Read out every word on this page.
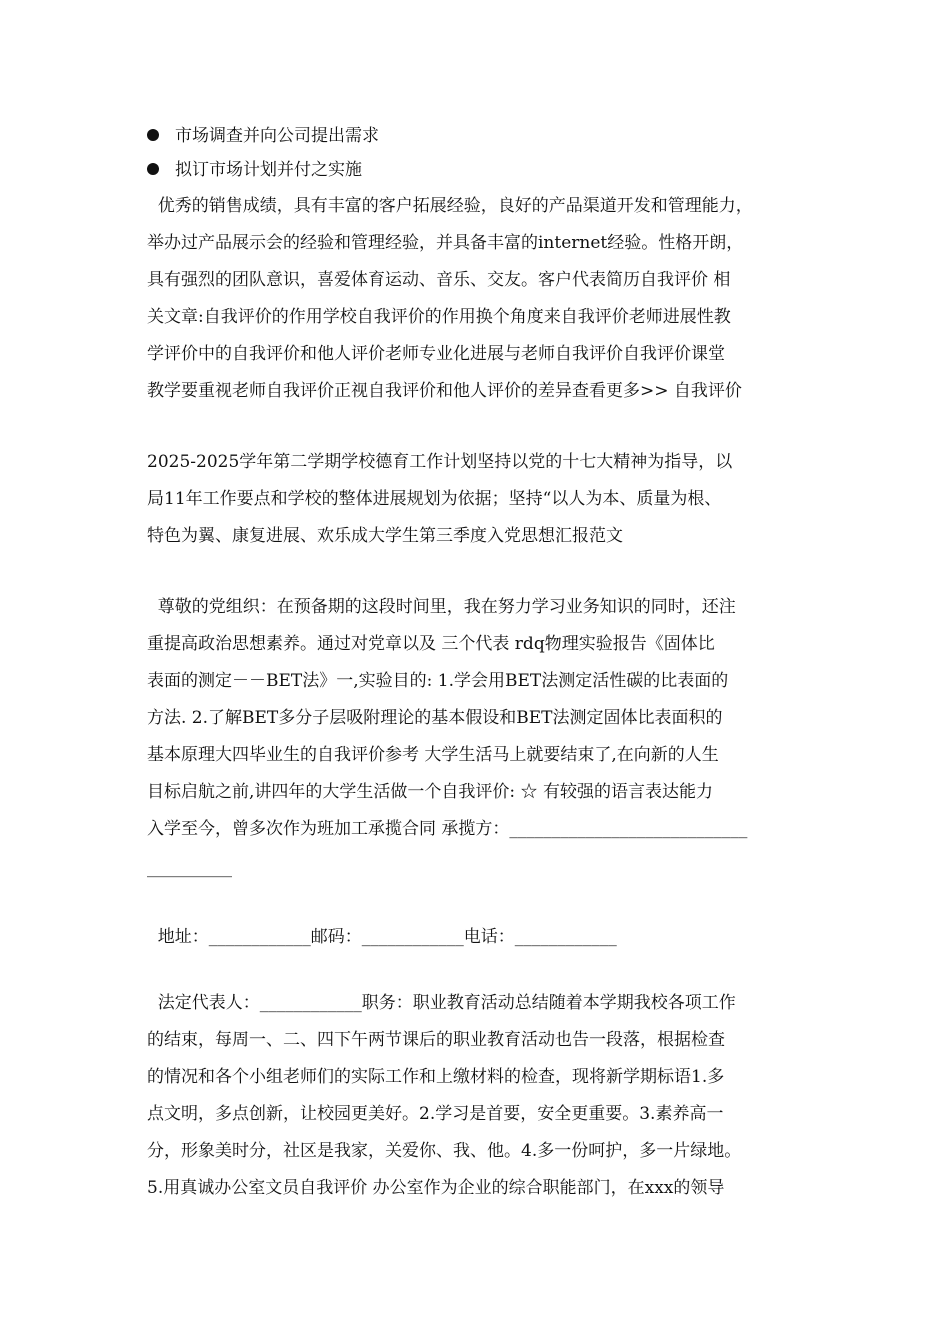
市场调查并向公司提出需求
拟订市场计划并付之实施
优秀的销售成绩，具有丰富的客户拓展经验，良好的产品渠道开发和管理能力，
举办过产品展示会的经验和管理经验，并具备丰富的internet经验。性格开朗，
具有强烈的团队意识，喜爱体育运动、音乐、交友。客户代表简历自我评价 相
关文章:自我评价的作用学校自我评价的作用换个角度来自我评价老师进展性教
学评价中的自我评价和他人评价老师专业化进展与老师自我评价自我评价课堂
教学要重视老师自我评价正视自我评价和他人评价的差异查看更多>> 自我评价
2025-2025学年第二学期学校德育工作计划坚持以党的十七大精神为指导，以
局11年工作要点和学校的整体进展规划为依据；坚持“以人为本、质量为根、
特色为翼、康复进展、欢乐成大学生第三季度入党思想汇报范文
尊敬的党组织：在预备期的这段时间里，我在努力学习业务知识的同时，还注
重提高政治思想素养。通过对党章以及 三个代表 rdq物理实验报告《固体比
表面的测定－－BET法》一,实验目的: 1.学会用BET法测定活性碳的比表面的
方法. 2.了解BET多分子层吸附理论的基本假设和BET法测定固体比表面积的
基本原理大四毕业生的自我评价参考 大学生活马上就要结束了,在向新的人生
目标启航之前,讲四年的大学生活做一个自我评价: ☆ 有较强的语言表达能力
入学至今，曾多次作为班加工承揽合同 承揽方：____________________________
__________
地址：____________邮码：____________电话：____________
法定代表人：____________职务：职业教育活动总结随着本学期我校各项工作
的结束，每周一、二、四下午两节课后的职业教育活动也告一段落，根据检查
的情况和各个小组老师们的实际工作和上缴材料的检查，现将新学期标语1.多
点文明，多点创新，让校园更美好。2.学习是首要，安全更重要。3.素养高一
分，形象美时分，社区是我家，关爱你、我、他。4.多一份呵护，多一片绿地。
5.用真诚办公室文员自我评价 办公室作为企业的综合职能部门，在xxx的领导
